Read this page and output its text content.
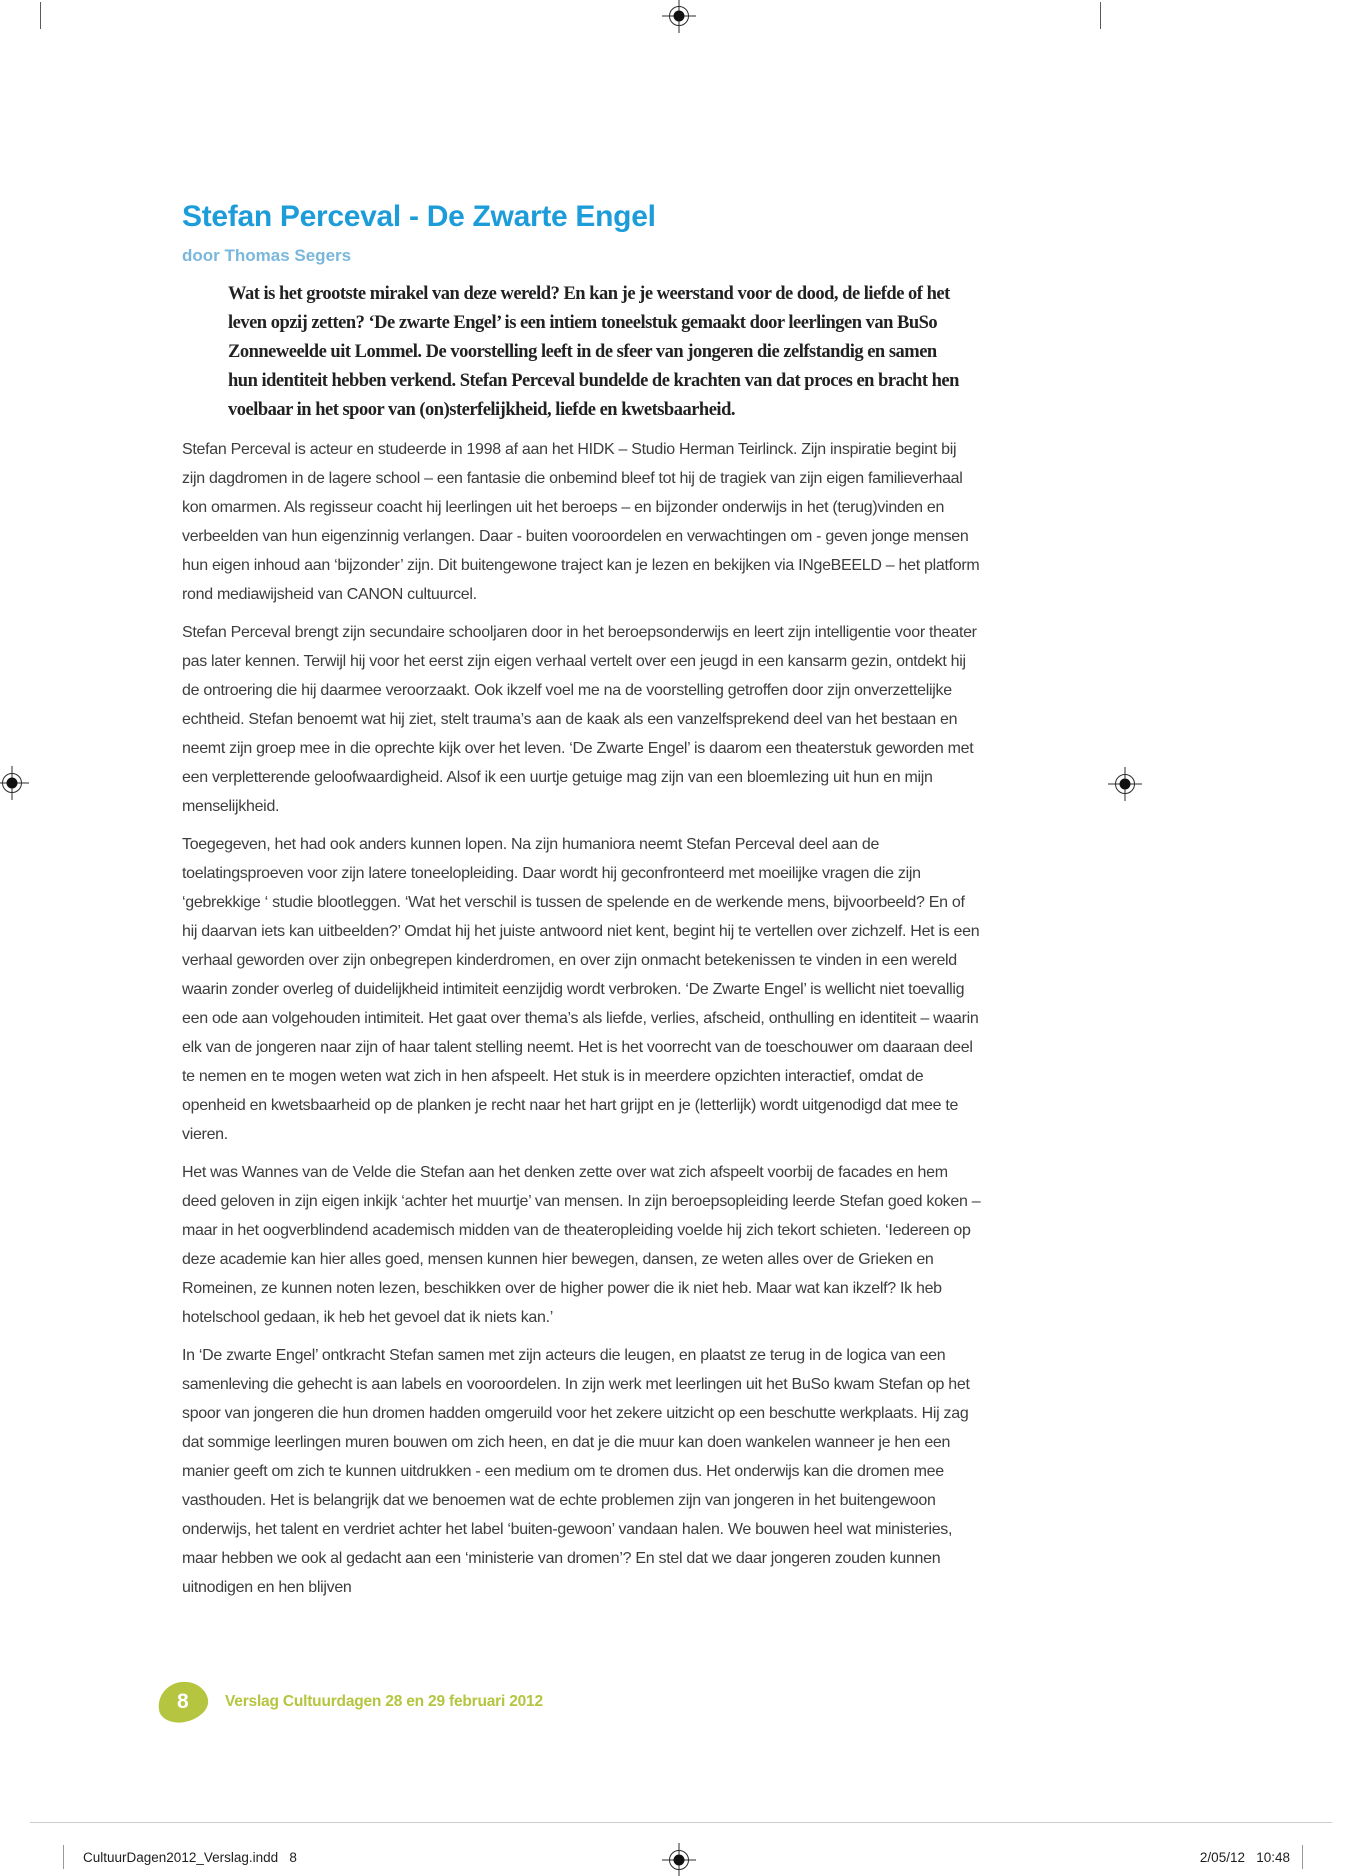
Stefan Perceval - De Zwarte Engel
door Thomas Segers

Wat is het grootste mirakel van deze wereld? En kan je je weerstand voor de dood, de liefde of het leven opzij zetten? ‘De zwarte Engel’ is een intiem toneelstuk gemaakt door leerlingen van BuSo Zonneweelde uit Lommel. De voorstelling leeft in de sfeer van jongeren die zelfstandig en samen hun identiteit hebben verkend. Stefan Perceval bundelde de krachten van dat proces en bracht hen voelbaar in het spoor van (on)sterfelijkheid, liefde en kwetsbaarheid.

Stefan Perceval is acteur en studeerde in 1998 af aan het HIDK – Studio Herman Teirlinck. Zijn inspiratie begint bij zijn dagdromen in de lagere school – een fantasie die onbemind bleef tot hij de tragiek van zijn eigen familieverhaal kon omarmen. Als regisseur coacht hij leerlingen uit het beroeps – en bijzonder onderwijs in het (terug)vinden en verbeelden van hun eigenzinnig verlangen. Daar - buiten vooroordelen en verwachtingen om - geven jonge mensen hun eigen inhoud aan ‘bijzonder’ zijn. Dit buitengewone traject kan je lezen en bekijken via INgeBEELD – het platform rond mediawijsheid van CANON cultuurcel.

Stefan Perceval brengt zijn secundaire schooljaren door in het beroepsonderwijs en leert zijn intelligentie voor theater pas later kennen. Terwijl hij voor het eerst zijn eigen verhaal vertelt over een jeugd in een kansarm gezin, ontdekt hij de ontroering die hij daarmee veroorzaakt. Ook ikzelf voel me na de voorstelling getroffen door zijn onverzettelijke echtheid. Stefan benoemt wat hij ziet, stelt trauma’s aan de kaak als een vanzelfsprekend deel van het bestaan en neemt zijn groep mee in die oprechte kijk over het leven. ‘De Zwarte Engel’ is daarom een theaterstuk geworden met een verpletterende geloofwaardigheid. Alsof ik een uurtje getuige mag zijn van een bloemlezing uit hun en mijn menselijkheid.

Toegegeven, het had ook anders kunnen lopen. Na zijn humaniora neemt Stefan Perceval deel aan de toelatingsproeven voor zijn latere toneelopleiding. Daar wordt hij geconfronteerd met moeilijke vragen die zijn ‘gebrekkige ‘ studie blootleggen. ‘Wat het verschil is tussen de spelende en de werkende mens, bijvoorbeeld? En of hij daarvan iets kan uitbeelden?’ Omdat hij het juiste antwoord niet kent, begint hij te vertellen over zichzelf. Het is een verhaal geworden over zijn onbegrepen kinderdromen, en over zijn onmacht betekenissen te vinden in een wereld waarin zonder overleg of duidelijkheid intimiteit eenzijdig wordt verbroken. ‘De Zwarte Engel’ is wellicht niet toevallig een ode aan volgehouden intimiteit. Het gaat over thema’s als liefde, verlies, afscheid, onthulling en identiteit – waarin elk van de jongeren naar zijn of haar talent stelling neemt. Het is het voorrecht van de toeschouwer om daaraan deel te nemen en te mogen weten wat zich in hen afspeelt. Het stuk is in meerdere opzichten interactief, omdat de openheid en kwetsbaarheid op de planken je recht naar het hart grijpt en je (letterlijk) wordt uitgenodigd dat mee te vieren.

Het was Wannes van de Velde die Stefan aan het denken zette over wat zich afspeelt voorbij de facades en hem deed geloven in zijn eigen inkijk ‘achter het muurtje’ van mensen. In zijn beroepsopleiding leerde Stefan goed koken – maar in het oogverblindend academisch midden van de theateropleiding voelde hij zich tekort schieten. ‘Iedereen op deze academie kan hier alles goed, mensen kunnen hier bewegen, dansen, ze weten alles over de Grieken en Romeinen, ze kunnen noten lezen, beschikken over de higher power die ik niet heb. Maar wat kan ikzelf? Ik heb hotelschool gedaan, ik heb het gevoel dat ik niets kan.’

In ‘De zwarte Engel’ ontkracht Stefan samen met zijn acteurs die leugen, en plaatst ze terug in de logica van een samenleving die gehecht is aan labels en vooroordelen. In zijn werk met leerlingen uit het BuSo kwam Stefan op het spoor van jongeren die hun dromen hadden omgeruild voor het zekere uitzicht op een beschutte werkplaats. Hij zag dat sommige leerlingen muren bouwen om zich heen, en dat je die muur kan doen wankelen wanneer je hen een manier geeft om zich te kunnen uitdrukken - een medium om te dromen dus. Het onderwijs kan die dromen mee vasthouden. Het is belangrijk dat we benoemen wat de echte problemen zijn van jongeren in het buitengewoon onderwijs, het talent en verdriet achter het label ‘buiten-gewoon’ vandaan halen. We bouwen heel wat ministeries, maar hebben we ook al gedacht aan een ‘ministerie van dromen’? En stel dat we daar jongeren zouden kunnen uitnodigen en hen blijven

8 Verslag Cultuurdagen 28 en 29 februari 2012
CultuurDagen2012_Verslag.indd   8	2/05/12   10:48
